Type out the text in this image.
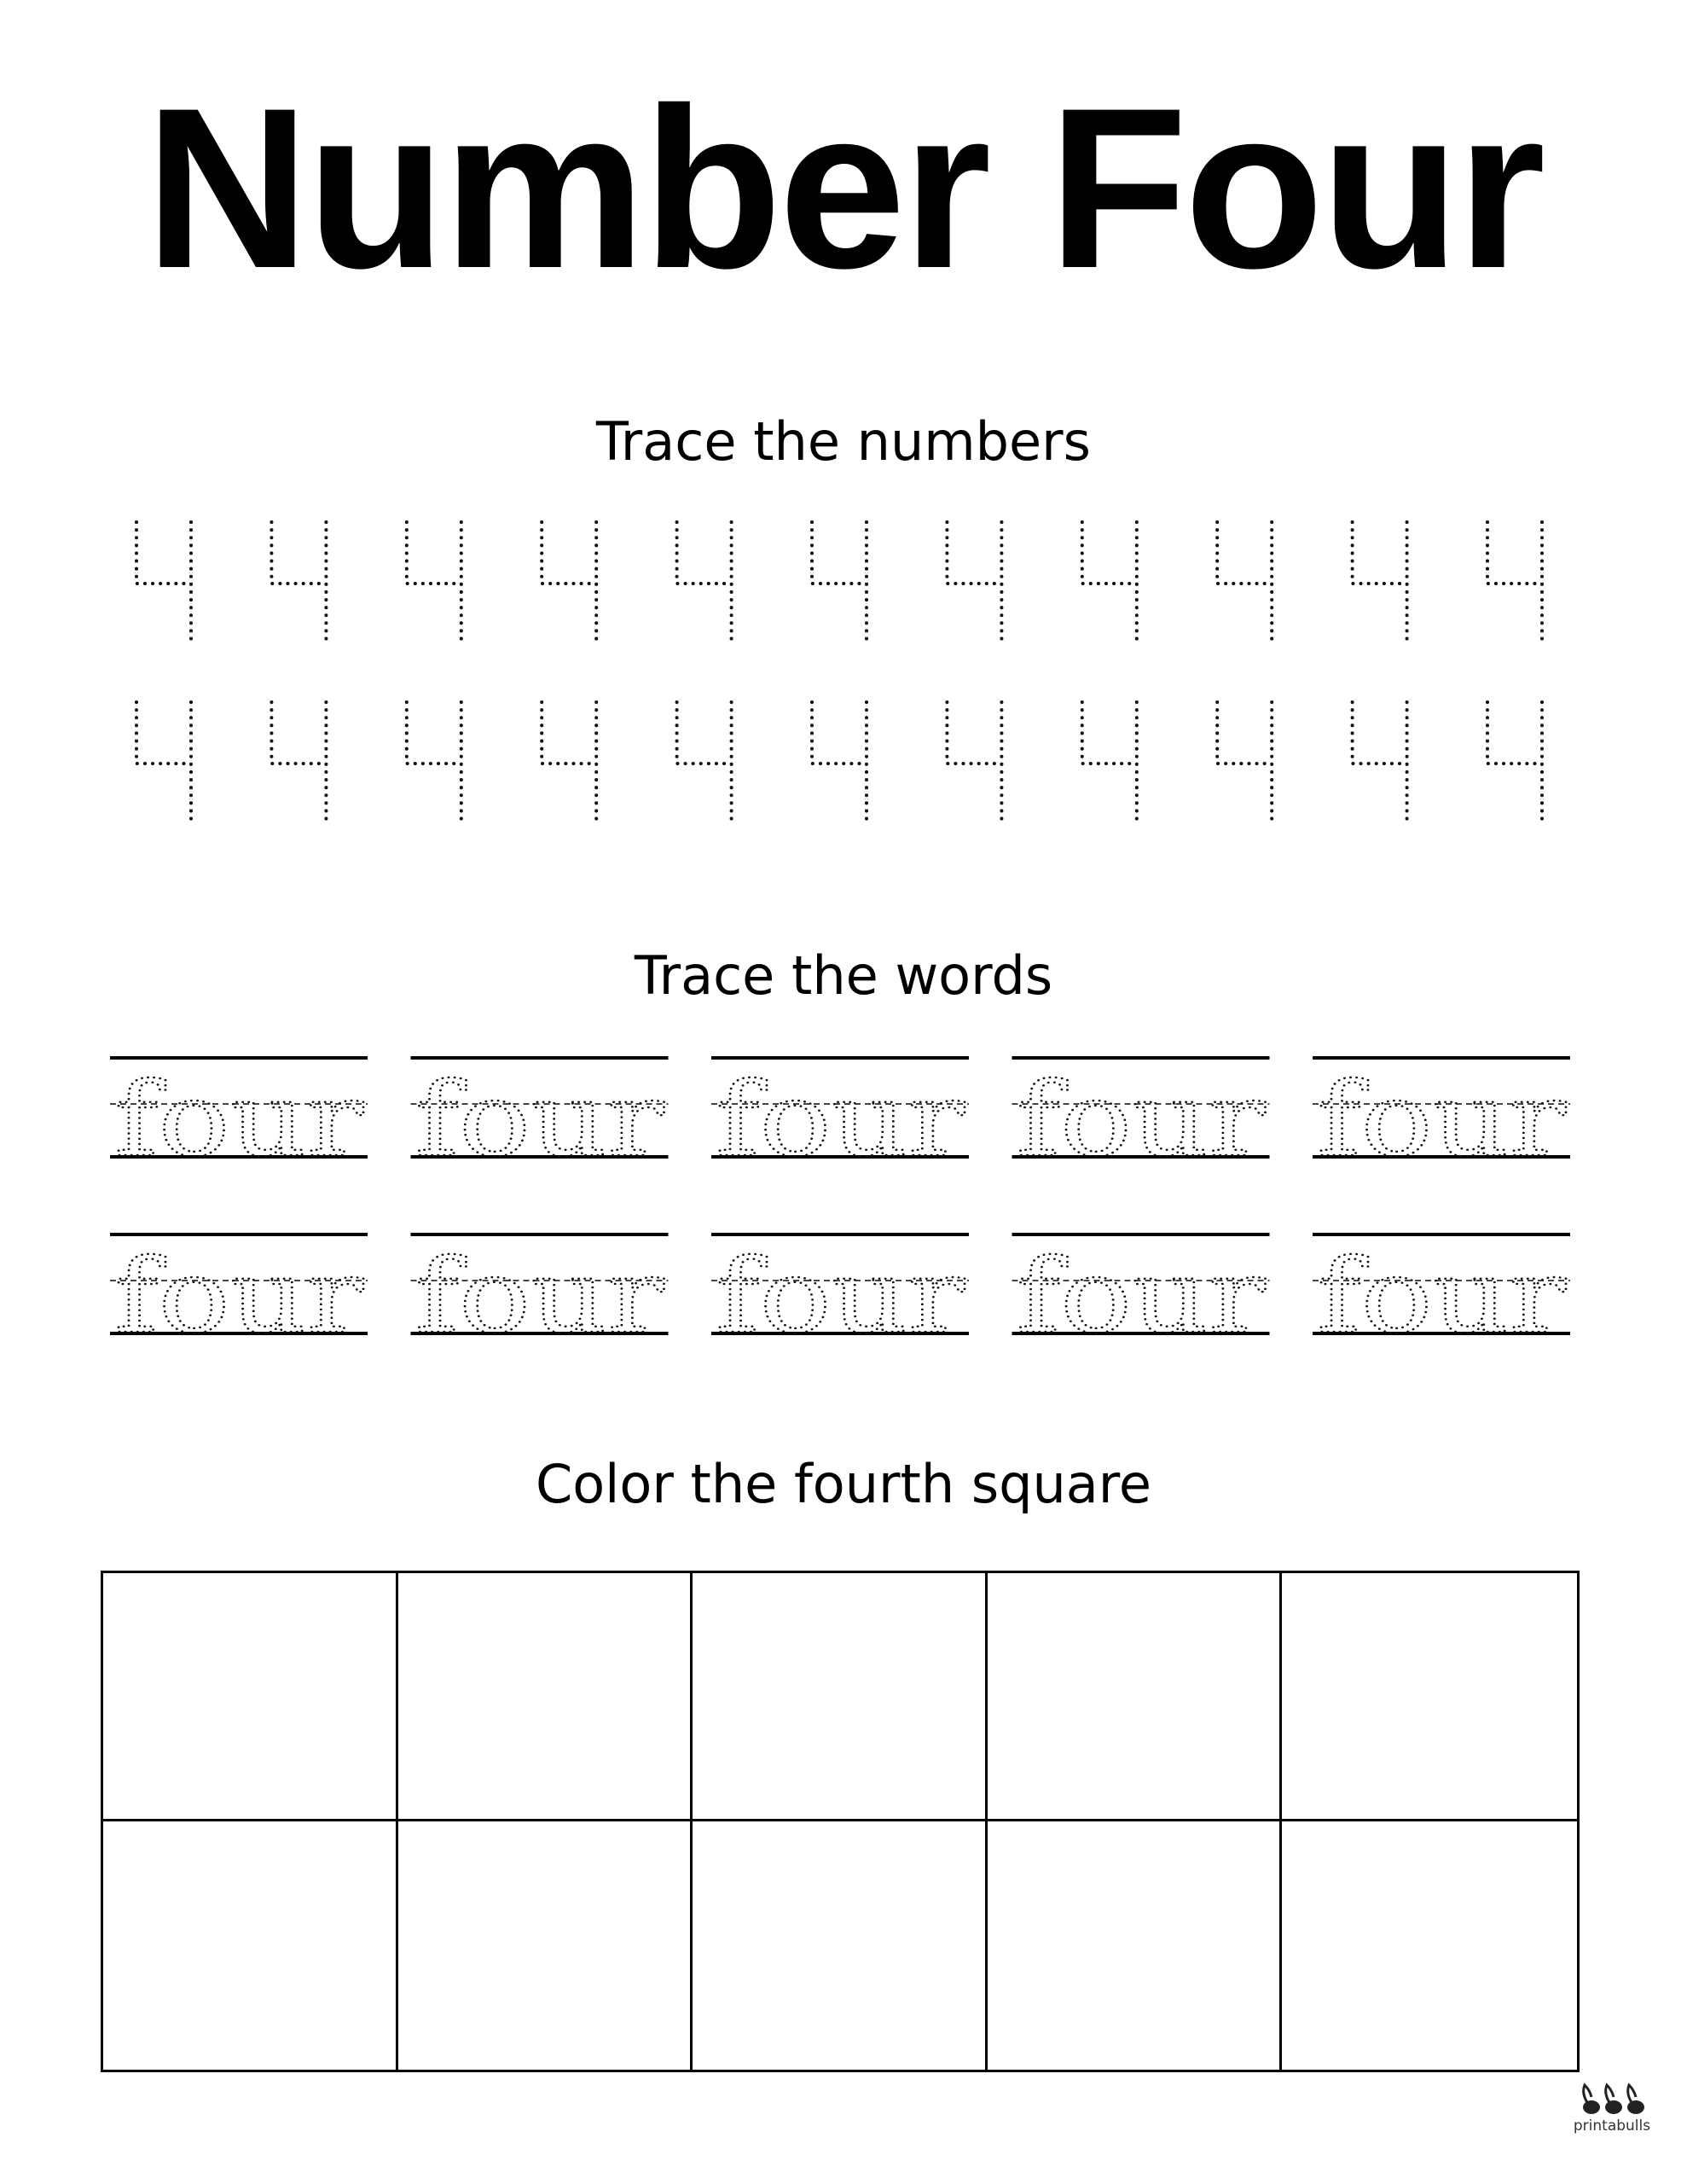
Number Four
Trace the numbers
Trace the words
four four four four four
four four four four four
Color the fourth square
printabulls
